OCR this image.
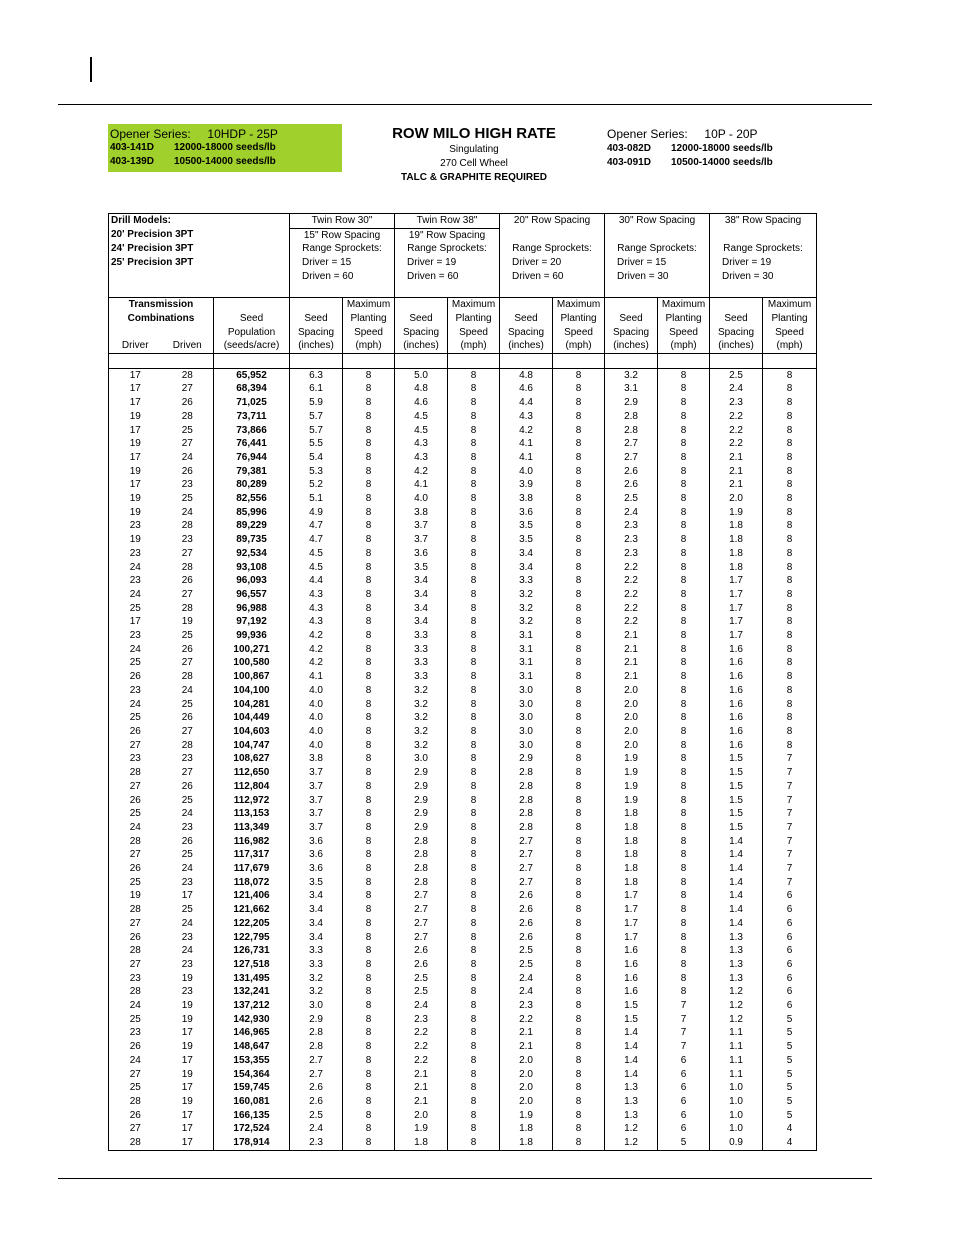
Opener Series: 10HDP - 25P
403-141D 12000-18000 seeds/lb
403-139D 10500-14000 seeds/lb
ROW MILO HIGH RATE
Singulating
270 Cell Wheel
TALC & GRAPHITE REQUIRED
Opener Series: 10P - 20P
403-082D 12000-18000 seeds/lb
403-091D 10500-14000 seeds/lb
Drill Models:			Twin Row 30"		Twin Row 38"		20" Row Spacing		30" Row Spacing		38" Row Spacing	
20' Precision 3PT			15" Row Spacing		19" Row Spacing							
24' Precision 3PT			Range Sprockets:		Range Sprockets:		Range Sprockets:		Range Sprockets:		Range Sprockets:	
25' Precision 3PT			Driver = 15		Driver = 19		Driver = 20		Driver = 15		Driver = 19	
			Driven = 60		Driven = 60		Driven = 60		Driven = 30		Driven = 30	

Transmission				Maximum		Maximum		Maximum		Maximum		Maximum
Combinations		Seed	Seed	Planting	Seed	Planting	Seed	Planting	Seed	Planting	Seed	Planting
		Population	Spacing	Speed	Spacing	Speed	Spacing	Speed	Spacing	Speed	Spacing	Speed
Driver	Driven	(seeds/acre)	(inches)	(mph)	(inches)	(mph)	(inches)	(mph)	(inches)	(mph)	(inches)	(mph)

17	28	65,952	6.3	8	5.0	8	4.8	8	3.2	8	2.5	8
17	27	68,394	6.1	8	4.8	8	4.6	8	3.1	8	2.4	8
17	26	71,025	5.9	8	4.6	8	4.4	8	2.9	8	2.3	8
19	28	73,711	5.7	8	4.5	8	4.3	8	2.8	8	2.2	8
17	25	73,866	5.7	8	4.5	8	4.2	8	2.8	8	2.2	8
19	27	76,441	5.5	8	4.3	8	4.1	8	2.7	8	2.2	8
17	24	76,944	5.4	8	4.3	8	4.1	8	2.7	8	2.1	8
19	26	79,381	5.3	8	4.2	8	4.0	8	2.6	8	2.1	8
17	23	80,289	5.2	8	4.1	8	3.9	8	2.6	8	2.1	8
19	25	82,556	5.1	8	4.0	8	3.8	8	2.5	8	2.0	8
19	24	85,996	4.9	8	3.8	8	3.6	8	2.4	8	1.9	8
23	28	89,229	4.7	8	3.7	8	3.5	8	2.3	8	1.8	8
19	23	89,735	4.7	8	3.7	8	3.5	8	2.3	8	1.8	8
23	27	92,534	4.5	8	3.6	8	3.4	8	2.3	8	1.8	8
24	28	93,108	4.5	8	3.5	8	3.4	8	2.2	8	1.8	8
23	26	96,093	4.4	8	3.4	8	3.3	8	2.2	8	1.7	8
24	27	96,557	4.3	8	3.4	8	3.2	8	2.2	8	1.7	8
25	28	96,988	4.3	8	3.4	8	3.2	8	2.2	8	1.7	8
17	19	97,192	4.3	8	3.4	8	3.2	8	2.2	8	1.7	8
23	25	99,936	4.2	8	3.3	8	3.1	8	2.1	8	1.7	8
24	26	100,271	4.2	8	3.3	8	3.1	8	2.1	8	1.6	8
25	27	100,580	4.2	8	3.3	8	3.1	8	2.1	8	1.6	8
26	28	100,867	4.1	8	3.3	8	3.1	8	2.1	8	1.6	8
23	24	104,100	4.0	8	3.2	8	3.0	8	2.0	8	1.6	8
24	25	104,281	4.0	8	3.2	8	3.0	8	2.0	8	1.6	8
25	26	104,449	4.0	8	3.2	8	3.0	8	2.0	8	1.6	8
26	27	104,603	4.0	8	3.2	8	3.0	8	2.0	8	1.6	8
27	28	104,747	4.0	8	3.2	8	3.0	8	2.0	8	1.6	8
23	23	108,627	3.8	8	3.0	8	2.9	8	1.9	8	1.5	7
28	27	112,650	3.7	8	2.9	8	2.8	8	1.9	8	1.5	7
27	26	112,804	3.7	8	2.9	8	2.8	8	1.9	8	1.5	7
26	25	112,972	3.7	8	2.9	8	2.8	8	1.9	8	1.5	7
25	24	113,153	3.7	8	2.9	8	2.8	8	1.8	8	1.5	7
24	23	113,349	3.7	8	2.9	8	2.8	8	1.8	8	1.5	7
28	26	116,982	3.6	8	2.8	8	2.7	8	1.8	8	1.4	7
27	25	117,317	3.6	8	2.8	8	2.7	8	1.8	8	1.4	7
26	24	117,679	3.6	8	2.8	8	2.7	8	1.8	8	1.4	7
25	23	118,072	3.5	8	2.8	8	2.7	8	1.8	8	1.4	7
19	17	121,406	3.4	8	2.7	8	2.6	8	1.7	8	1.4	6
28	25	121,662	3.4	8	2.7	8	2.6	8	1.7	8	1.4	6
27	24	122,205	3.4	8	2.7	8	2.6	8	1.7	8	1.4	6
26	23	122,795	3.4	8	2.7	8	2.6	8	1.7	8	1.3	6
28	24	126,731	3.3	8	2.6	8	2.5	8	1.6	8	1.3	6
27	23	127,518	3.3	8	2.6	8	2.5	8	1.6	8	1.3	6
23	19	131,495	3.2	8	2.5	8	2.4	8	1.6	8	1.3	6
28	23	132,241	3.2	8	2.5	8	2.4	8	1.6	8	1.2	6
24	19	137,212	3.0	8	2.4	8	2.3	8	1.5	7	1.2	6
25	19	142,930	2.9	8	2.3	8	2.2	8	1.5	7	1.2	5
23	17	146,965	2.8	8	2.2	8	2.1	8	1.4	7	1.1	5
26	19	148,647	2.8	8	2.2	8	2.1	8	1.4	7	1.1	5
24	17	153,355	2.7	8	2.2	8	2.0	8	1.4	6	1.1	5
27	19	154,364	2.7	8	2.1	8	2.0	8	1.4	6	1.1	5
25	17	159,745	2.6	8	2.1	8	2.0	8	1.3	6	1.0	5
28	19	160,081	2.6	8	2.1	8	2.0	8	1.3	6	1.0	5
26	17	166,135	2.5	8	2.0	8	1.9	8	1.3	6	1.0	5
27	17	172,524	2.4	8	1.9	8	1.8	8	1.2	6	1.0	4
28	17	178,914	2.3	8	1.8	8	1.8	8	1.2	5	0.9	4
